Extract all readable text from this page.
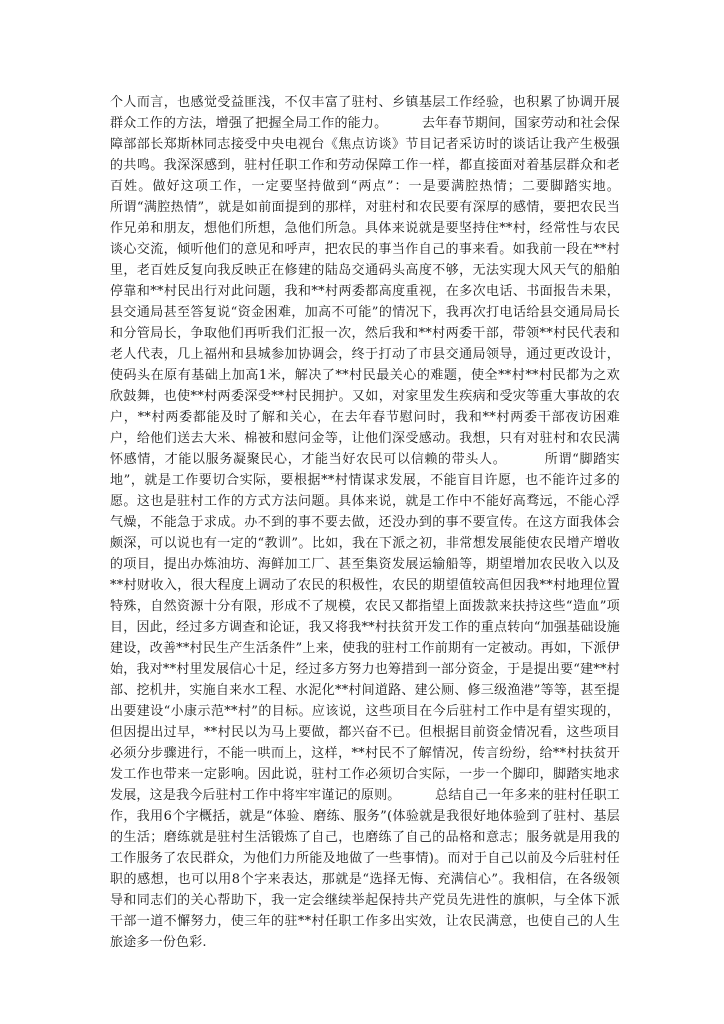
个人而言，也感觉受益匪浅，不仅丰富了驻村、乡镇基层工作经验，也积累了协调开展群众工作的方法，增强了把握全局工作的能力。        去年春节期间，国家劳动和社会保障部部长郑斯林同志接受中央电视台《焦点访谈》节目记者采访时的谈话让我产生极强的共鸣。我深深感到，驻村任职工作和劳动保障工作一样，都直接面对着基层群众和老百姓。做好这项工作，一定要坚持做到“两点”：一是要满腔热情；二要脚踏实地。        所谓“满腔热情”，就是如前面提到的那样，对驻村和农民要有深厚的感情，要把农民当作兄弟和朋友，想他们所想，急他们所急。具体来说就是要坚持住**村，经常性与农民谈心交流，倾听他们的意见和呼声，把农民的事当作自己的事来看。如我前一段在**村里，老百姓反复向我反映正在修建的陆岛交通码头高度不够，无法实现大风天气的船舶停靠和**村民出行对此问题，我和**村两委都高度重视，在多次电话、书面报告未果，县交通局甚至答复说“资金困难，加高不可能”的情况下，我再次打电话给县交通局局长和分管局长，争取他们再听我们汇报一次，然后我和**村两委干部，带领**村民代表和老人代表，几上福州和县城参加协调会，终于打动了市县交通局领导，通过更改设计，使码头在原有基础上加高1米，解决了**村民最关心的难题，使全**村**村民都为之欢欣鼓舞，也使**村两委深受**村民拥护。又如，对家里发生疾病和受灾等重大事故的农户，**村两委都能及时了解和关心，在去年春节慰问时，我和**村两委干部夜访困难户，给他们送去大米、棉被和慰问金等，让他们深受感动。我想，只有对驻村和农民满怀感情，才能以服务凝聚民心，才能当好农民可以信赖的带头人。        所谓“脚踏实地”，就是工作要切合实际，要根据**村情谋求发展，不能盲目许愿，也不能许过多的愿。这也是驻村工作的方式方法问题。具体来说，就是工作中不能好高骛远，不能心浮气燥，不能急于求成。办不到的事不要去做，还没办到的事不要宣传。在这方面我体会颇深，可以说也有一定的“教训”。比如，我在下派之初，非常想发展能使农民增产增收的项目，提出办炼油坊、海鲜加工厂、甚至集资发展运输船等，期望增加农民收入以及**村财收入，很大程度上调动了农民的积极性，农民的期望值较高但因我**村地理位置特殊，自然资源十分有限，形成不了规模，农民又都指望上面拨款来扶持这些“造血”项目，因此，经过多方调查和论证，我又将我**村扶贫开发工作的重点转向“加强基础设施建设，改善**村民生产生活条件”上来，使我的驻村工作前期有一定被动。再如，下派伊始，我对**村里发展信心十足，经过多方努力也筹措到一部分资金，于是提出要“建**村部、挖机井，实施自来水工程、水泥化**村间道路、建公厕、修三级渔港”等等，甚至提出要建设“小康示范**村”的目标。应该说，这些项目在今后驻村工作中是有望实现的，但因提出过早，**村民以为马上要做，都兴奋不已。但根据目前资金情况看，这些项目必须分步骤进行，不能一哄而上，这样，**村民不了解情况，传言纷纷，给**村扶贫开发工作也带来一定影响。因此说，驻村工作必须切合实际，一步一个脚印，脚踏实地求发展，这是我今后驻村工作中将牢牢谨记的原则。        总结自己一年多来的驻村任职工作，我用6个字概括，就是“体验、磨练、服务”(体验就是我很好地体验到了驻村、基层的生活；磨练就是驻村生活锻炼了自己，也磨练了自己的品格和意志；服务就是用我的工作服务了农民群众，为他们力所能及地做了一些事情)。而对于自己以前及今后驻村任职的感想，也可以用8个字来表达，那就是“选择无悔、充满信心”。我相信，在各级领导和同志们的关心帮助下，我一定会继续举起保持共产党员先进性的旗帜，与全体下派干部一道不懈努力，使三年的驻**村任职工作多出实效，让农民满意，也使自己的人生旅途多一份色彩.
